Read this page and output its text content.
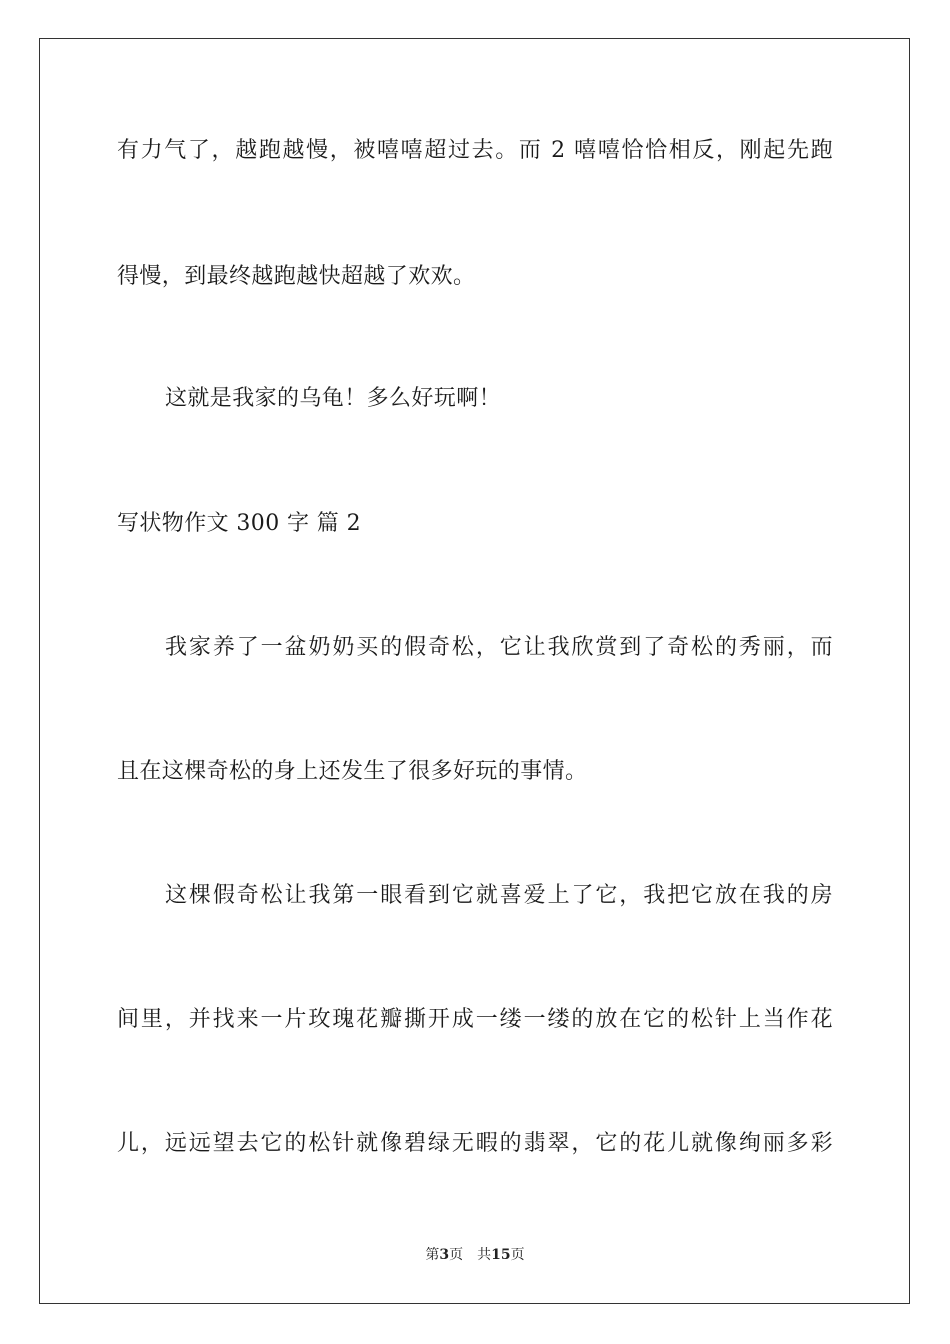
有力气了，越跑越慢，被嘻嘻超过去。而 2 嘻嘻恰恰相反，刚起先跑
得慢，到最终越跑越快超越了欢欢。
这就是我家的乌龟！多么好玩啊！
写状物作文 300 字 篇 2
我家养了一盆奶奶买的假奇松，它让我欣赏到了奇松的秀丽，而
且在这棵奇松的身上还发生了很多好玩的事情。
这棵假奇松让我第一眼看到它就喜爱上了它，我把它放在我的房
间里，并找来一片玫瑰花瓣撕开成一缕一缕的放在它的松针上当作花
儿，远远望去它的松针就像碧绿无暇的翡翠，它的花儿就像绚丽多彩
第3页 共15页
